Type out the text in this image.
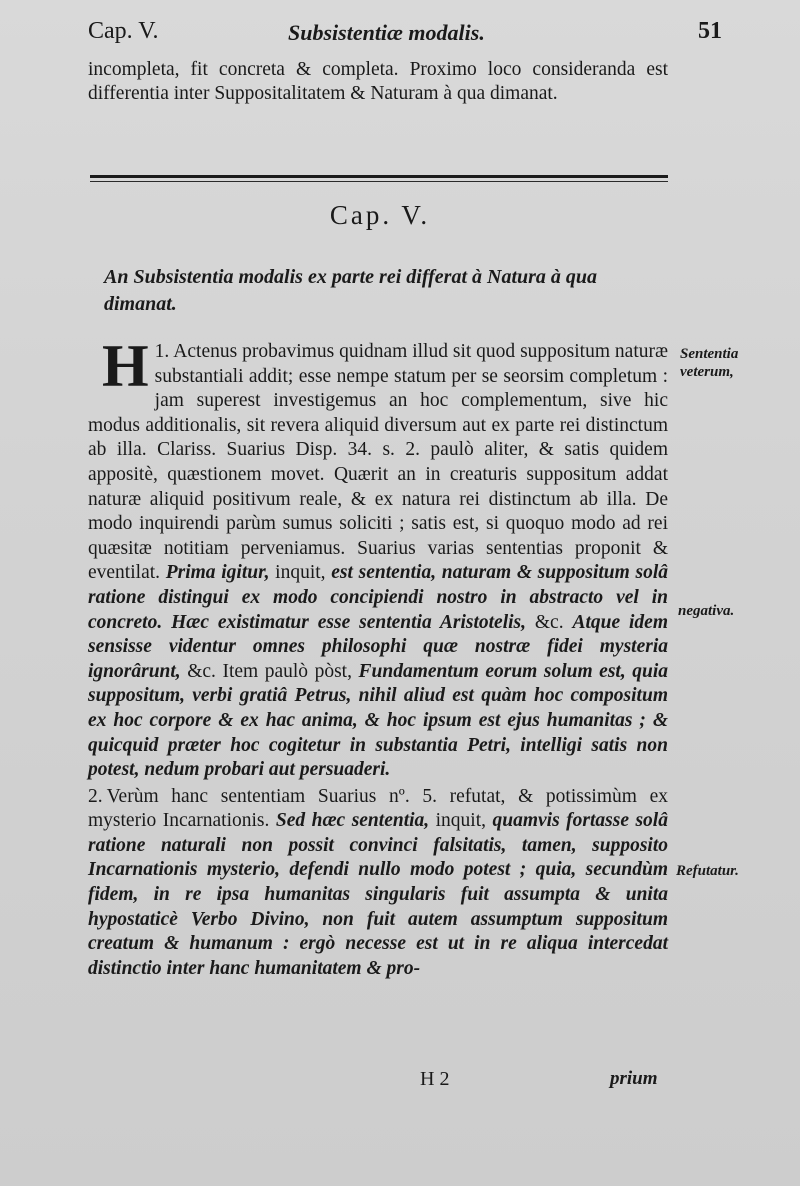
Cap. V.	Subsistentiæ modalis.	51
incompleta, fit concreta & completa. Proximo loco considerandа est differentia inter Suppositalitatem & Naturam à qua dimanat.
Cap. V.
An Subsistentia modalis ex parte rei differat à Natura à qua dimanat.

1.
H Actenus probavimus quidnam illud sit quod suppositum naturæ substantiali addit; esse nempe statum per se seorsim completum : jam superest investigemus an hoc complementum, sive hic modus additionalis, sit revera aliquid diversum aut ex parte rei distinctum ab illa. Clariss. Suarius Disp. 34. s. 2. paulò aliter, & satis quidem appositè, quæstionem movet. Quærit an in creaturis suppositum addat naturæ aliquid positivum reale, & ex natura rei distinctum ab illa. De modo inquirendi parùm sumus soliciti ; satis est, si quoquo modo ad rei quæsitæ notitiam perveniamus. Suarius varias sententias proponit & eventilat. Prima igitur, inquit, est sententia, naturam & suppositum solâ ratione distingui ex modo concipiendi nostro in abstracto vel in concreto. Hæc existimatur esse sententia Aristotelis, &c. Atque idem sensisse videntur omnes philosophi quæ nostræ fidei mysteria ignorârunt, &c. Item paulò pòst, Fundamentum eorum solum est, quia suppositum, verbi gratiâ Petrus, nihil aliud est quàm hoc compositum ex hoc corpore & ex hac anima, & hoc ipsum est ejus humanitas ; & quicquid præter hoc cogitetur in substantia Petri, intelligi satis non potest, nedum probari aut persuaderi.

2. Verùm hanc sententiam Suarius nº. 5. refutat, & potissimùm ex mysterio Incarnationis. Sed hæc sententia, inquit, quamvis fortasse solâ ratione naturali non possit convinci falsitatis, tamen, supposito Incarnationis mysterio, defendi nullo modo potest ; quia, secundùm fidem, in re ipsa humanitas singularis fuit assumpta & unita hypostaticè Verbo Divino, non fuit autem assumptum suppositum creatum & humanum : ergò necesse est ut in re aliqua intercedat distinctio inter hanc humanitatem & pro-

Sententia
veterum,
negativa.
Refutatur.
H 2	prium
